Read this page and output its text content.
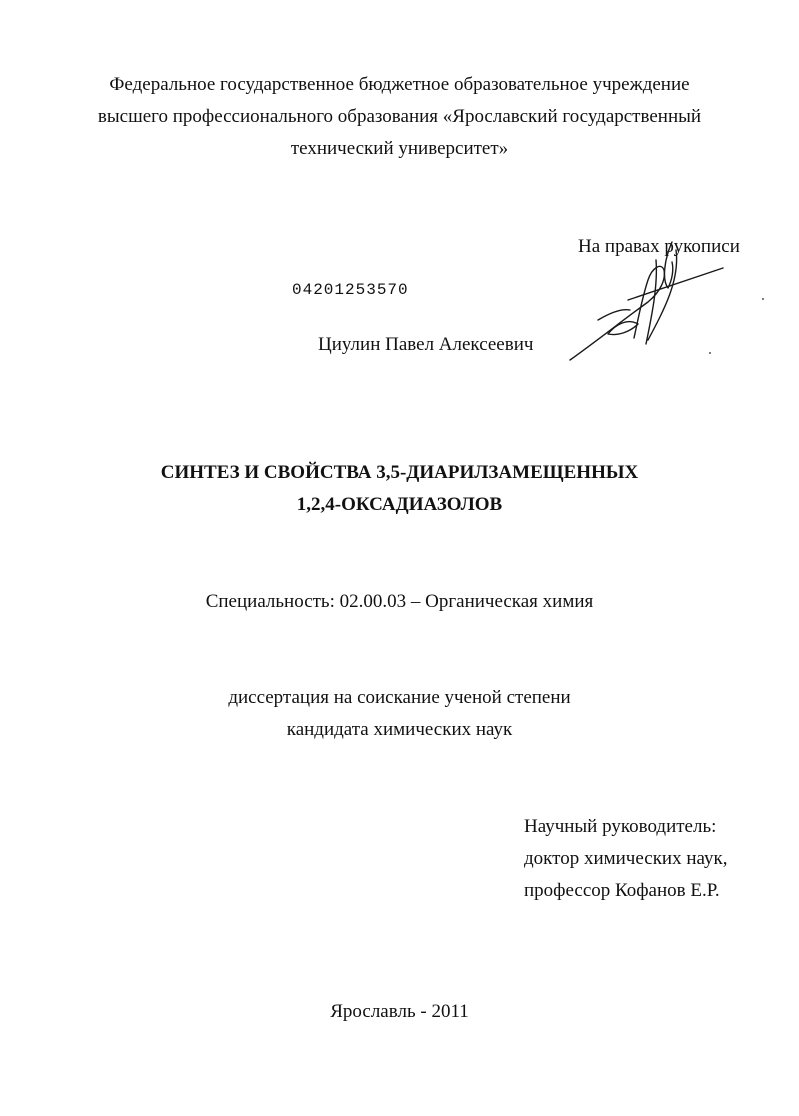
Федеральное государственное бюджетное образовательное учреждение
высшего профессионального образования «Ярославский государственный
технический университет»
На правах рукописи
04201253570
Циулин Павел Алексеевич
СИНТЕЗ И СВОЙСТВА 3,5-ДИАРИЛЗАМЕЩЕННЫХ
1,2,4-ОКСАДИАЗОЛОВ
Специальность: 02.00.03 – Органическая химия
диссертация на соискание ученой степени
кандидата химических наук
Научный руководитель:
доктор химических наук,
профессор Кофанов Е.Р.
Ярославль - 2011
